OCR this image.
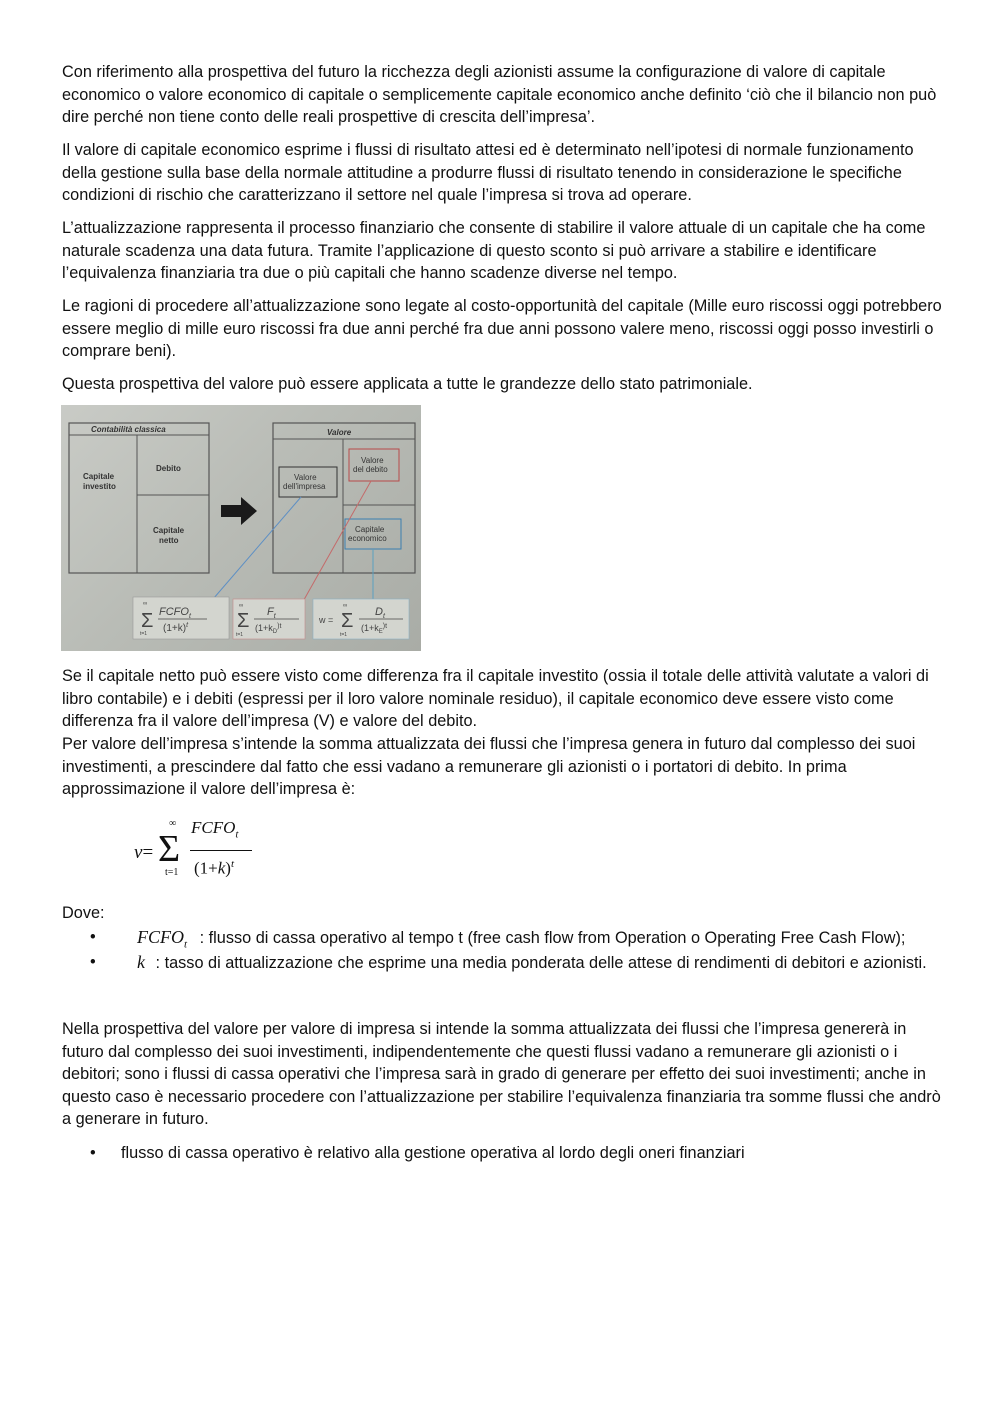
Con riferimento alla prospettiva del futuro la ricchezza degli azionisti assume la configurazione di valore di capitale economico o valore economico di capitale o semplicemente capitale economico anche definito ‘ciò che il bilancio non può dire perché non tiene conto delle reali prospettive di crescita dell’impresa’.

Il valore di capitale economico esprime i flussi di risultato attesi ed è determinato nell’ipotesi di normale funzionamento della gestione sulla base della normale attitudine a produrre flussi di risultato tenendo in considerazione le specifiche condizioni di rischio che caratterizzano il settore nel quale l’impresa si trova ad operare.

L’attualizzazione rappresenta il processo finanziario che consente di stabilire il valore attuale di un capitale che ha come naturale scadenza una data futura. Tramite l’applicazione di questo sconto si può arrivare a stabilire e identificare l’equivalenza finanziaria tra due o più capitali che hanno scadenze diverse nel tempo.

Le ragioni di procedere all’attualizzazione sono legate al costo-opportunità del capitale (Mille euro riscossi oggi potrebbero essere meglio di mille euro riscossi fra due anni perché fra due anni possono valere meno, riscossi oggi posso investirli o comprare beni).

Questa prospettiva del valore può essere applicata a tutte le grandezze dello stato patrimoniale.

Contabilità classica
Capitale investito
Debito
Capitale netto
Valore
Valore dell'impresa
Valore del debito
Capitale economico
Σ
∞
t=1
$FCFO_t$
$(1+k)^t$ Σ
∞
t=1
$F_t$
($1+k_D^{)t}$
w = Σ
∞
t=1
$D_t$
($1+k_E^{)t}$

Se il capitale netto può essere visto come differenza fra il capitale investito (ossia il totale delle attività valutate a valori di libro contabile) e i debiti (espressi per il loro valore nominale residuo), il capitale economico deve essere visto come differenza fra il valore dell’impresa (V) e valore del debito.

Per valore dell’impresa s’intende la somma attualizzata dei flussi che l’impresa genera in futuro dal complesso dei suoi investimenti, a prescindere dal fatto che essi vadano a remunerare gli azionisti o i portatori di debito. In prima approssimazione il valore dell’impresa è:

v= Σ
∞
t=1
$FCFO_t$
$(1+k)^t$

Dove:

•	$FCFO_t$ : flusso di cassa operativo al tempo t (free cash flow from Operation o Operating Free Cash Flow);
•	k : tasso di attualizzazione che esprime una media ponderata delle attese di rendimenti di debitori e azionisti.

Nella prospettiva del valore per valore di impresa si intende la somma attualizzata dei flussi che l’impresa genererà in futuro dal complesso dei suoi investimenti, indipendentemente che questi flussi vadano a remunerare gli azionisti o i debitori; sono i flussi di cassa operativi che l’impresa sarà in grado di generare per effetto dei suoi investimenti; anche in questo caso è necessario procedere con l’attualizzazione per stabilire l’equivalenza finanziaria tra somme flussi che andrò a generare in futuro.

• flusso di cassa operativo è relativo alla gestione operativa al lordo degli oneri finanziari
